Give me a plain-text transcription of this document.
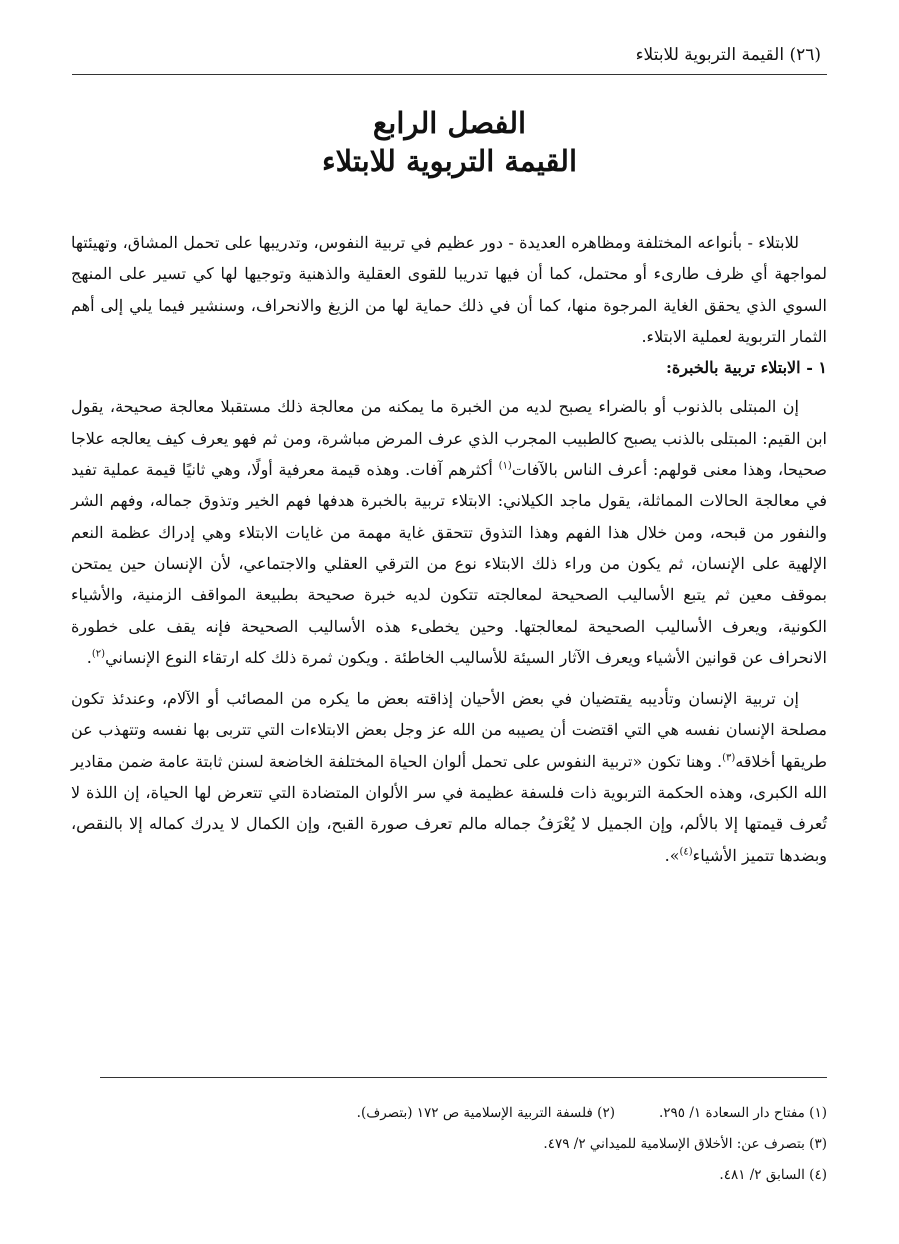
(٢٦) القيمة التربوية للابتلاء
الفصل الرابع
القيمة التربوية للابتلاء

للابتلاء - بأنواعه المختلفة ومظاهره العديدة - دور عظيم في تربية النفوس، وتدريبها على تحمل المشاق، وتهيئتها لمواجهة أي ظرف طارىء أو محتمل، كما أن فيها تدريبا للقوى العقلية والذهنية وتوجيها لها كي تسير على المنهج السوي الذي يحقق الغاية المرجوة منها، كما أن في ذلك حماية لها من الزيغ والانحراف، وسنشير فيما يلي إلى أهم الثمار التربوية لعملية الابتلاء.

١ - الابتلاء تربية بالخبرة:

إن المبتلى بالذنوب أو بالضراء يصبح لديه من الخبرة ما يمكنه من معالجة ذلك مستقبلا معالجة صحيحة، يقول ابن القيم: المبتلى بالذنب يصبح كالطبيب المجرب الذي عرف المرض مباشرة، ومن ثم فهو يعرف كيف يعالجه علاجا صحيحا، وهذا معنى قولهم: أعرف الناس بالآفات$^{(١)}$ أكثرهم آفات. وهذه قيمة معرفية أولًا، وهي ثانيًا قيمة عملية تفيد في معالجة الحالات المماثلة، يقول ماجد الكيلاني: الابتلاء تربية بالخبرة هدفها فهم الخير وتذوق جماله، وفهم الشر والنفور من قبحه، ومن خلال هذا الفهم وهذا التذوق تتحقق غاية مهمة من غايات الابتلاء وهي إدراك عظمة النعم الإلهية على الإنسان، ثم يكون من وراء ذلك الابتلاء نوع من الترقي العقلي والاجتماعي، لأن الإنسان حين يمتحن بموقف معين ثم يتبع الأساليب الصحيحة لمعالجته تتكون لديه خبرة صحيحة بطبيعة المواقف الزمنية، والأشياء الكونية، ويعرف الأساليب الصحيحة لمعالجتها. وحين يخطىء هذه الأساليب الصحيحة فإنه يقف على خطورة الانحراف عن قوانين الأشياء ويعرف الآثار السيئة للأساليب الخاطئة . ويكون ثمرة ذلك كله ارتقاء النوع الإنساني$^{(٢)}$.

إن تربية الإنسان وتأديبه يقتضيان في بعض الأحيان إذاقته بعض ما يكره من المصائب أو الآلام، وعندئذ تكون مصلحة الإنسان نفسه هي التي اقتضت أن يصيبه من الله عز وجل بعض الابتلاءات التي تتربى بها نفسه وتتهذب عن طريقها أخلاقه$^{(٣)}$. وهنا تكون «تربية النفوس على تحمل ألوان الحياة المختلفة الخاضعة لسنن ثابتة عامة ضمن مقادير الله الكبرى، وهذه الحكمة التربوية ذات فلسفة عظيمة في سر الألوان المتضادة التي تتعرض لها الحياة، إن اللذة لا تُعرف قيمتها إلا بالألم، وإن الجميل لا يُعْرَفُ جماله مالم تعرف صورة القبح، وإن الكمال لا يدرك كماله إلا بالنقص، وبضدها تتميز الأشياء$^{(٤)}$».

(١) مفتاح دار السعادة ١/ ٢٩٥.(٢) فلسفة التربية الإسلامية ص ١٧٢ (بتصرف).
(٣) بتصرف عن: الأخلاق الإسلامية للميداني ٢/ ٤٧٩.
(٤) السابق ٢/ ٤٨١.
